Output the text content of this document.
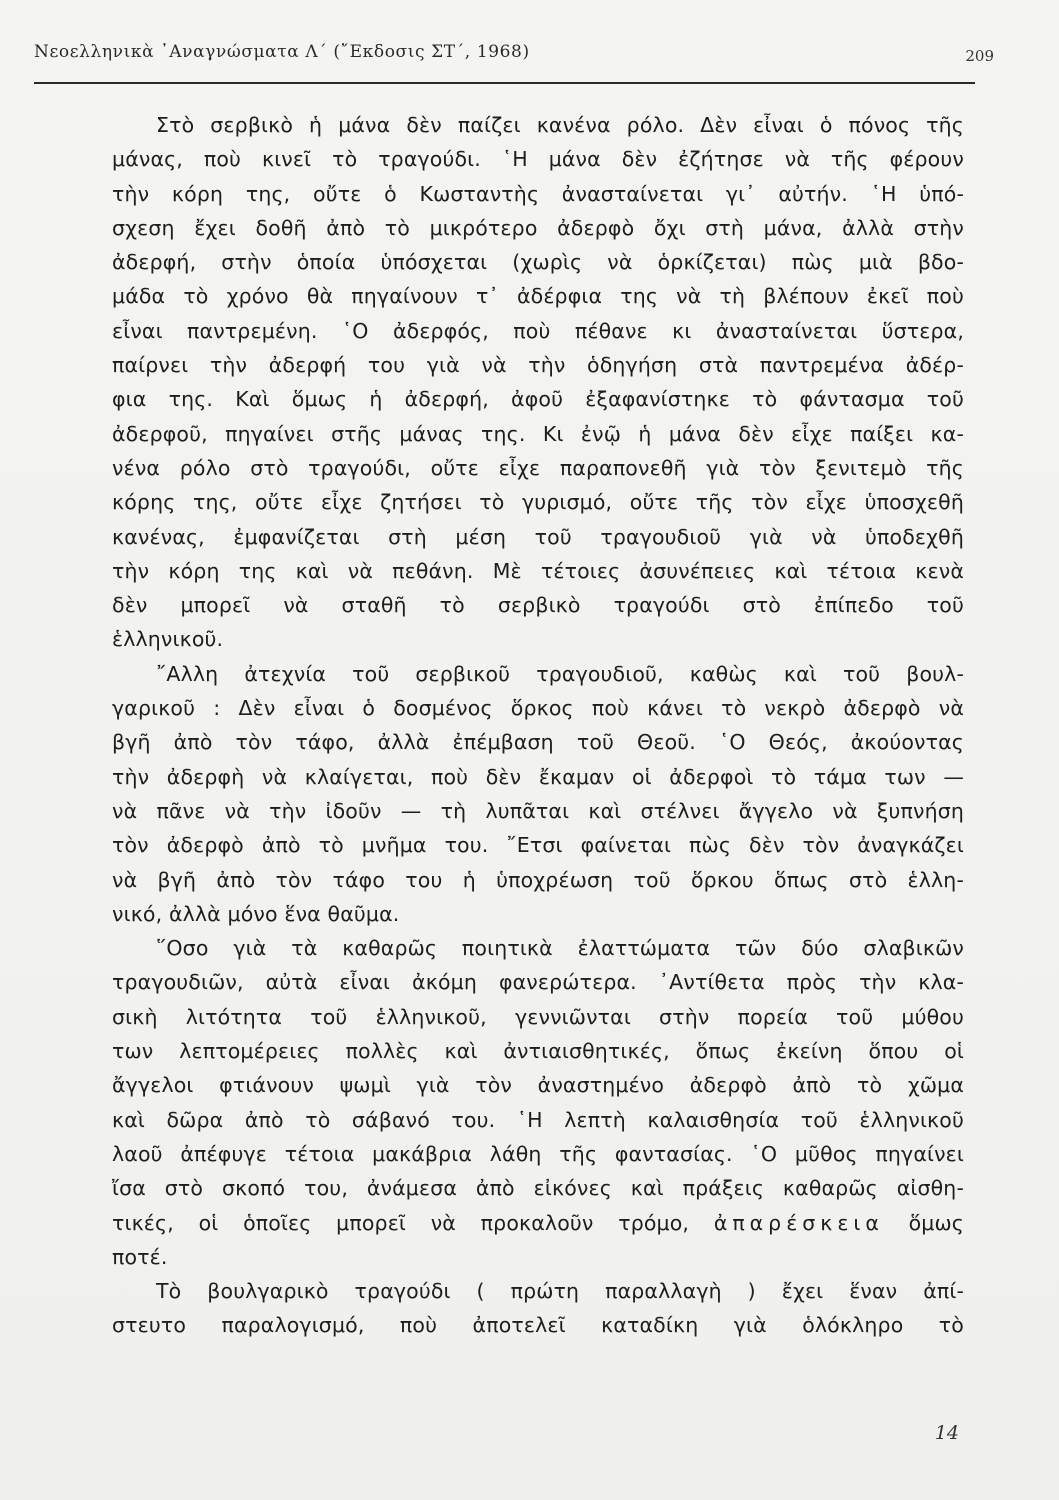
Νεοελληνικὰ ᾿Αναγνώσματα Λ΄ (῎Εκδοσις ΣΤ΄, 1968)	209
Στὸ σερβικὸ ἡ μάνα δὲν παίζει κανένα ρόλο. Δὲν εἶναι ὁ πόνος τῆς
μάνας, ποὺ κινεῖ τὸ τραγούδι. ῾Η μάνα δὲν ἐζήτησε νὰ τῆς φέρουν
τὴν κόρη της, οὔτε ὁ Κωσταντὴς ἀνασταίνεται γι᾿ αὐτήν. ῾Η ὑπό-
σχεση ἔχει δοθῆ ἀπὸ τὸ μικρότερο ἀδερφὸ ὄχι στὴ μάνα, ἀλλὰ στὴν
ἀδερφή, στὴν ὁποία ὑπόσχεται (χωρὶς νὰ ὁρκίζεται) πὼς μιὰ βδο-
μάδα τὸ χρόνο θὰ πηγαίνουν τ᾿ ἀδέρφια της νὰ τὴ βλέπουν ἐκεῖ ποὺ
εἶναι παντρεμένη. ῾Ο ἀδερφός, ποὺ πέθανε κι ἀνασταίνεται ὕστερα,
παίρνει τὴν ἀδερφή του γιὰ νὰ τὴν ὁδηγήση στὰ παντρεμένα ἀδέρ-
φια της. Καὶ ὅμως ἡ ἀδερφή, ἀφοῦ ἐξαφανίστηκε τὸ φάντασμα τοῦ
ἀδερφοῦ, πηγαίνει στῆς μάνας της. Κι ἐνῷ ἡ μάνα δὲν εἶχε παίξει κα-
νένα ρόλο στὸ τραγούδι, οὔτε εἶχε παραπονεθῆ γιὰ τὸν ξενιτεμὸ τῆς
κόρης της, οὔτε εἶχε ζητήσει τὸ γυρισμό, οὔτε τῆς τὸν εἶχε ὑποσχεθῆ
κανένας, ἐμφανίζεται στὴ μέση τοῦ τραγουδιοῦ γιὰ νὰ ὑποδεχθῆ
τὴν κόρη της καὶ νὰ πεθάνη. Μὲ τέτοιες ἀσυνέπειες καὶ τέτοια κενὰ
δὲν μπορεῖ νὰ σταθῆ τὸ σερβικὸ τραγούδι στὸ ἐπίπεδο τοῦ
ἑλληνικοῦ.
῎Αλλη ἀτεχνία τοῦ σερβικοῦ τραγουδιοῦ, καθὼς καὶ τοῦ βουλ-
γαρικοῦ : Δὲν εἶναι ὁ δοσμένος ὅρκος ποὺ κάνει τὸ νεκρὸ ἀδερφὸ νὰ
βγῆ ἀπὸ τὸν τάφο, ἀλλὰ ἐπέμβαση τοῦ Θεοῦ. ῾Ο Θεός, ἀκούοντας
τὴν ἀδερφὴ νὰ κλαίγεται, ποὺ δὲν ἔκαμαν οἱ ἀδερφοὶ τὸ τάμα των —
νὰ πᾶνε νὰ τὴν ἰδοῦν — τὴ λυπᾶται καὶ στέλνει ἄγγελο νὰ ξυπνήση
τὸν ἀδερφὸ ἀπὸ τὸ μνῆμα του. ῎Ετσι φαίνεται πὼς δὲν τὸν ἀναγκάζει
νὰ βγῆ ἀπὸ τὸν τάφο του ἡ ὑποχρέωση τοῦ ὅρκου ὅπως στὸ ἑλλη-
νικό, ἀλλὰ μόνο ἕνα θαῦμα.
῞Οσο γιὰ τὰ καθαρῶς ποιητικὰ ἐλαττώματα τῶν δύο σλαβικῶν
τραγουδιῶν, αὐτὰ εἶναι ἀκόμη φανερώτερα. ᾿Αντίθετα πρὸς τὴν κλα-
σικὴ λιτότητα τοῦ ἑλληνικοῦ, γεννιῶνται στὴν πορεία τοῦ μύθου
των λεπτομέρειες πολλὲς καὶ ἀντιαισθητικές, ὅπως ἐκείνη ὅπου οἱ
ἄγγελοι φτιάνουν ψωμὶ γιὰ τὸν ἀναστημένο ἀδερφὸ ἀπὸ τὸ χῶμα
καὶ δῶρα ἀπὸ τὸ σάβανό του. ῾Η λεπτὴ καλαισθησία τοῦ ἑλληνικοῦ
λαοῦ ἀπέφυγε τέτοια μακάβρια λάθη τῆς φαντασίας. ῾Ο μῦθος πηγαίνει
ἴσα στὸ σκοπό του, ἀνάμεσα ἀπὸ εἰκόνες καὶ πράξεις καθαρῶς αἰσθη-
τικές, οἱ ὁποῖες μπορεῖ νὰ προκαλοῦν τρόμο, ἀπαρέσκεια ὅμως
ποτέ.
Τὸ βουλγαρικὸ τραγούδι ( πρώτη παραλλαγὴ ) ἔχει ἕναν ἀπί-
στευτο παραλογισμό, ποὺ ἀποτελεῖ καταδίκη γιὰ ὁλόκληρο τὸ
14
